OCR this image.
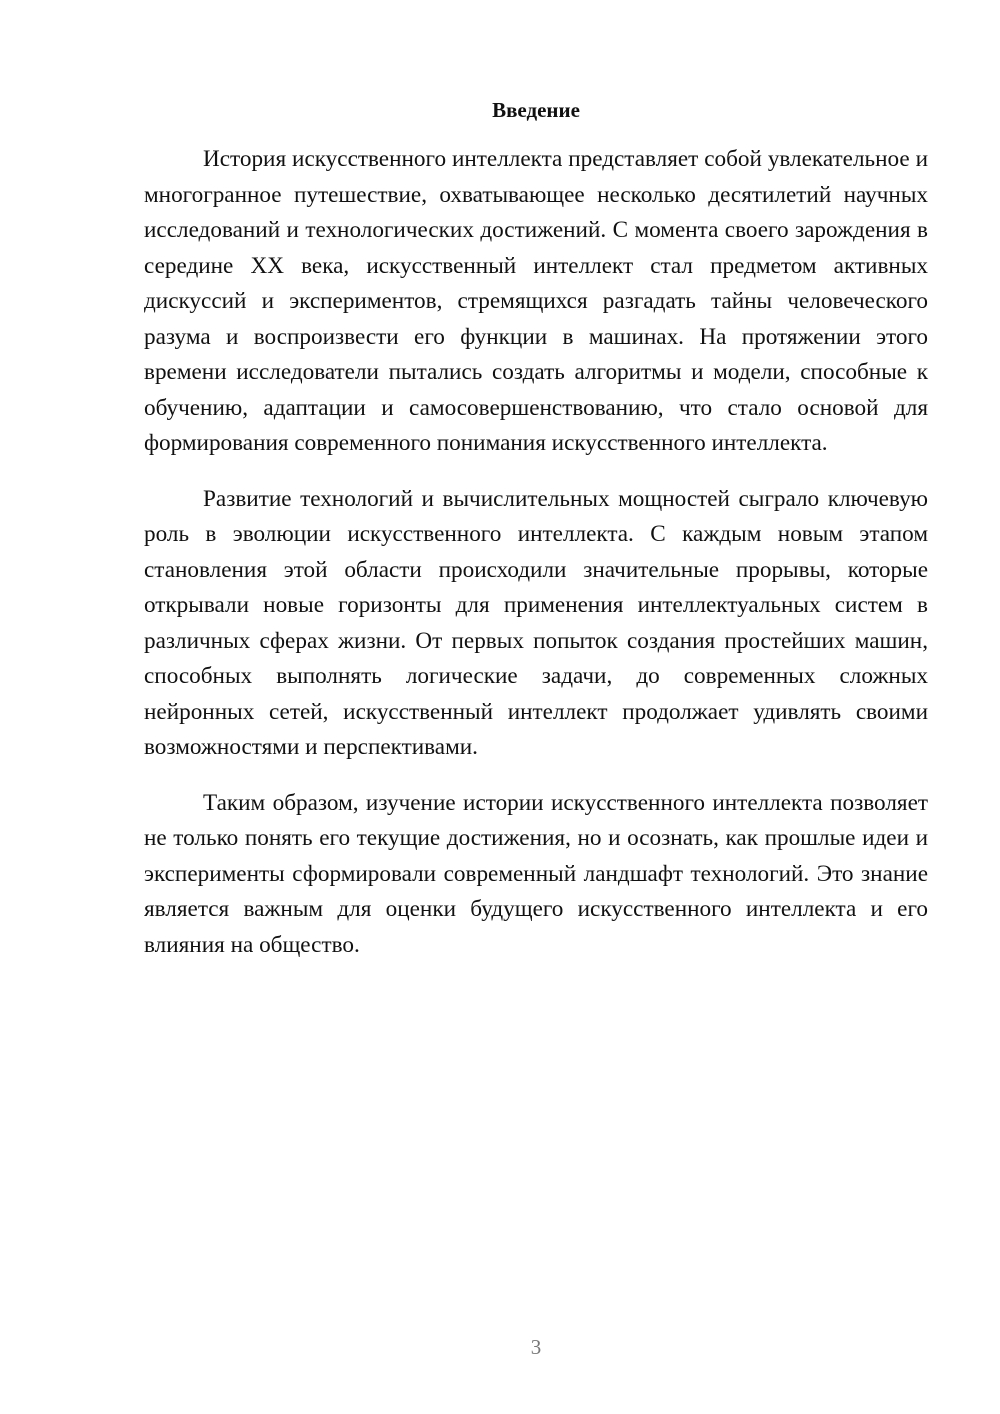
Введение

История искусственного интеллекта представляет собой увлекательное и многогранное путешествие, охватывающее несколько десятилетий научных исследований и технологических достижений. С момента своего зарождения в середине XX века, искусственный интеллект стал предметом активных дискуссий и экспериментов, стремящихся разгадать тайны человеческого разума и воспроизвести его функции в машинах. На протяжении этого времени исследователи пытались создать алгоритмы и модели, способные к обучению, адаптации и самосовершенствованию, что стало основой для формирования современного понимания искусственного интеллекта.

Развитие технологий и вычислительных мощностей сыграло ключевую роль в эволюции искусственного интеллекта. С каждым новым этапом становления этой области происходили значительные прорывы, которые открывали новые горизонты для применения интеллектуальных систем в различных сферах жизни. От первых попыток создания простейших машин, способных выполнять логические задачи, до современных сложных нейронных сетей, искусственный интеллект продолжает удивлять своими возможностями и перспективами.

Таким образом, изучение истории искусственного интеллекта позволяет не только понять его текущие достижения, но и осознать, как прошлые идеи и эксперименты сформировали современный ландшафт технологий. Это знание является важным для оценки будущего искусственного интеллекта и его влияния на общество.

3
